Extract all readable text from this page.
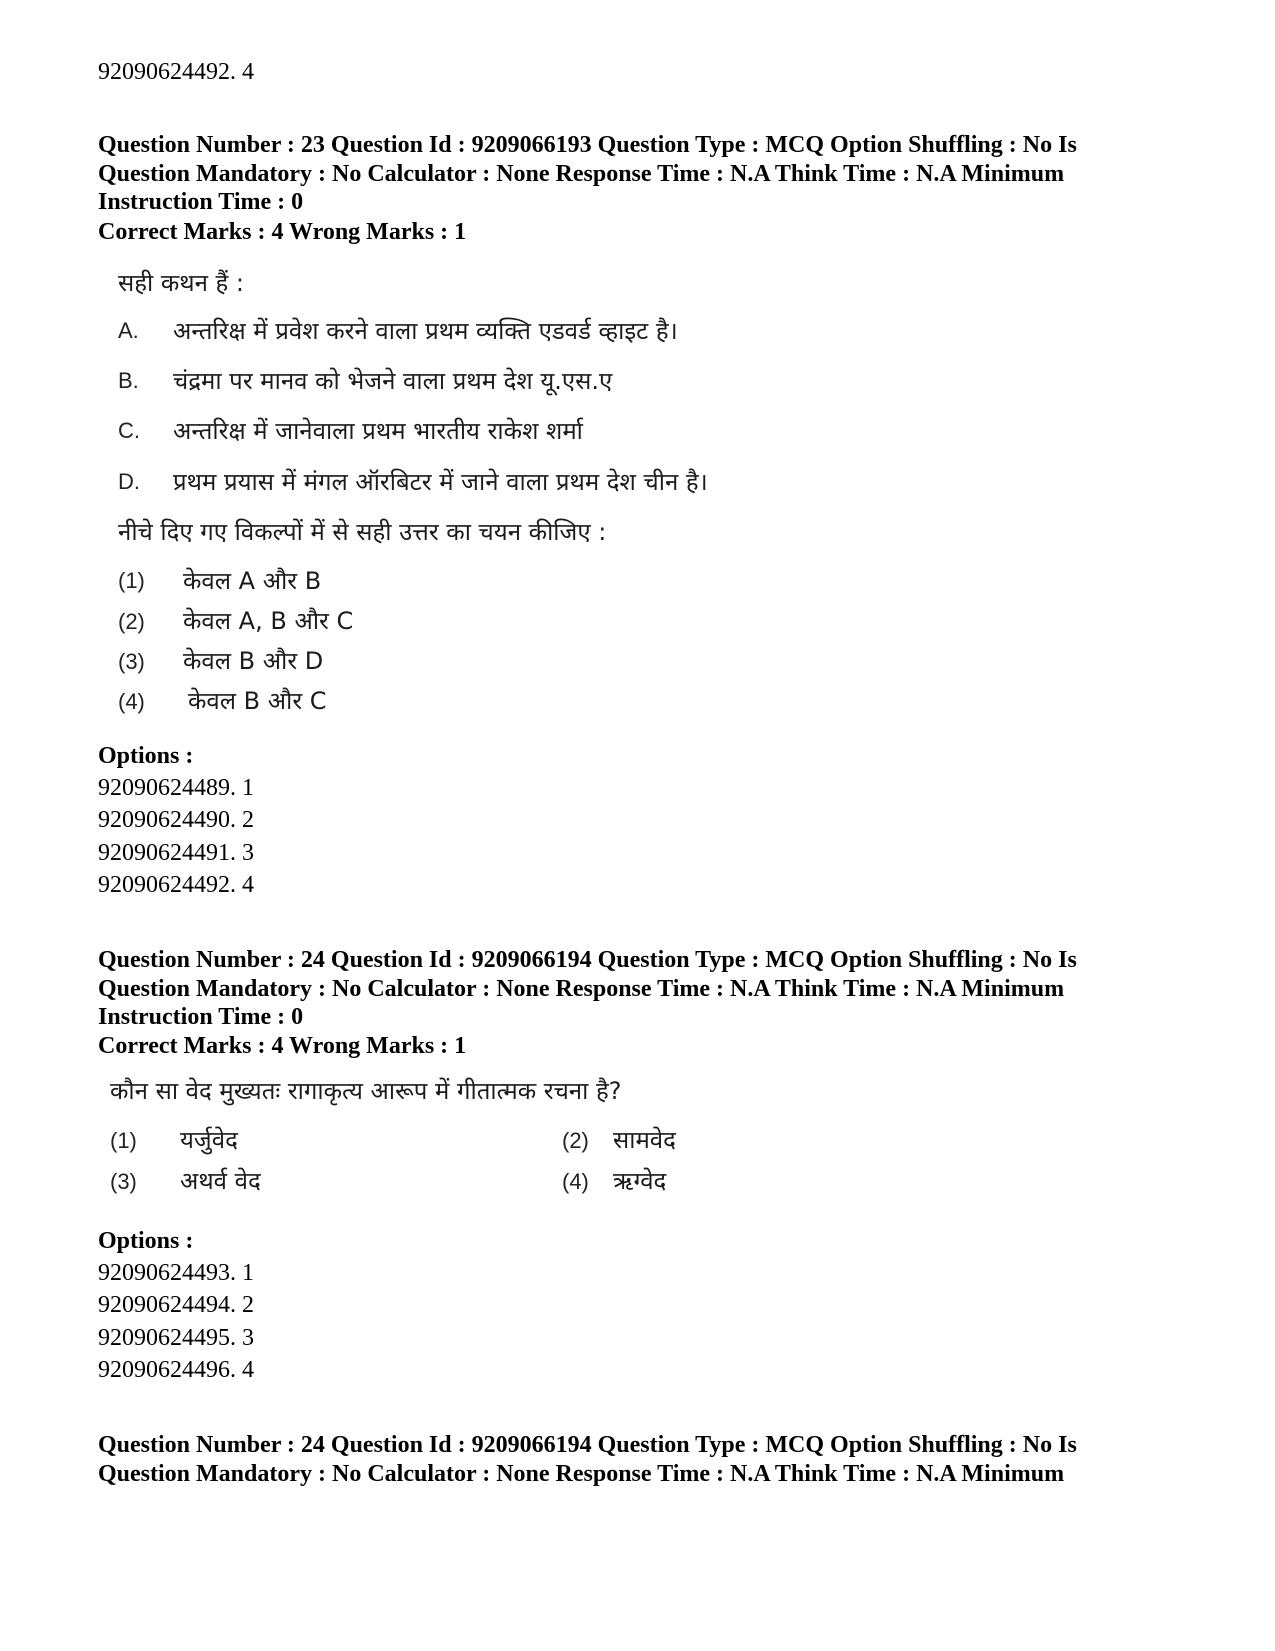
92090624492. 4
Question Number : 23 Question Id : 9209066193 Question Type : MCQ Option Shuffling : No Is Question Mandatory : No Calculator : None Response Time : N.A Think Time : N.A Minimum Instruction Time : 0
Correct Marks : 4 Wrong Marks : 1
सही कथन हैं :
A. अन्तरिक्ष में प्रवेश करने वाला प्रथम व्यक्ति एडवर्ड व्हाइट है।
B. चंद्रमा पर मानव को भेजने वाला प्रथम देश यू.एस.ए
C. अन्तरिक्ष में जानेवाला प्रथम भारतीय राकेश शर्मा
D. प्रथम प्रयास में मंगल ऑरबिटर में जाने वाला प्रथम देश चीन है।
नीचे दिए गए विकल्पों में से सही उत्तर का चयन कीजिए :
(1) केवल A और B
(2) केवल A, B और C
(3) केवल B और D
(4) केवल B और C
Options :
92090624489. 1
92090624490. 2
92090624491. 3
92090624492. 4
Question Number : 24 Question Id : 9209066194 Question Type : MCQ Option Shuffling : No Is Question Mandatory : No Calculator : None Response Time : N.A Think Time : N.A Minimum Instruction Time : 0
Correct Marks : 4 Wrong Marks : 1
कौन सा वेद मुख्यतः रागाकृत्य आरूप में गीतात्मक रचना है?
(1) यर्जुवेद	(2) सामवेद
(3) अथर्व वेद	(4) ऋग्वेद
Options :
92090624493. 1
92090624494. 2
92090624495. 3
92090624496. 4
Question Number : 24 Question Id : 9209066194 Question Type : MCQ Option Shuffling : No Is Question Mandatory : No Calculator : None Response Time : N.A Think Time : N.A Minimum
